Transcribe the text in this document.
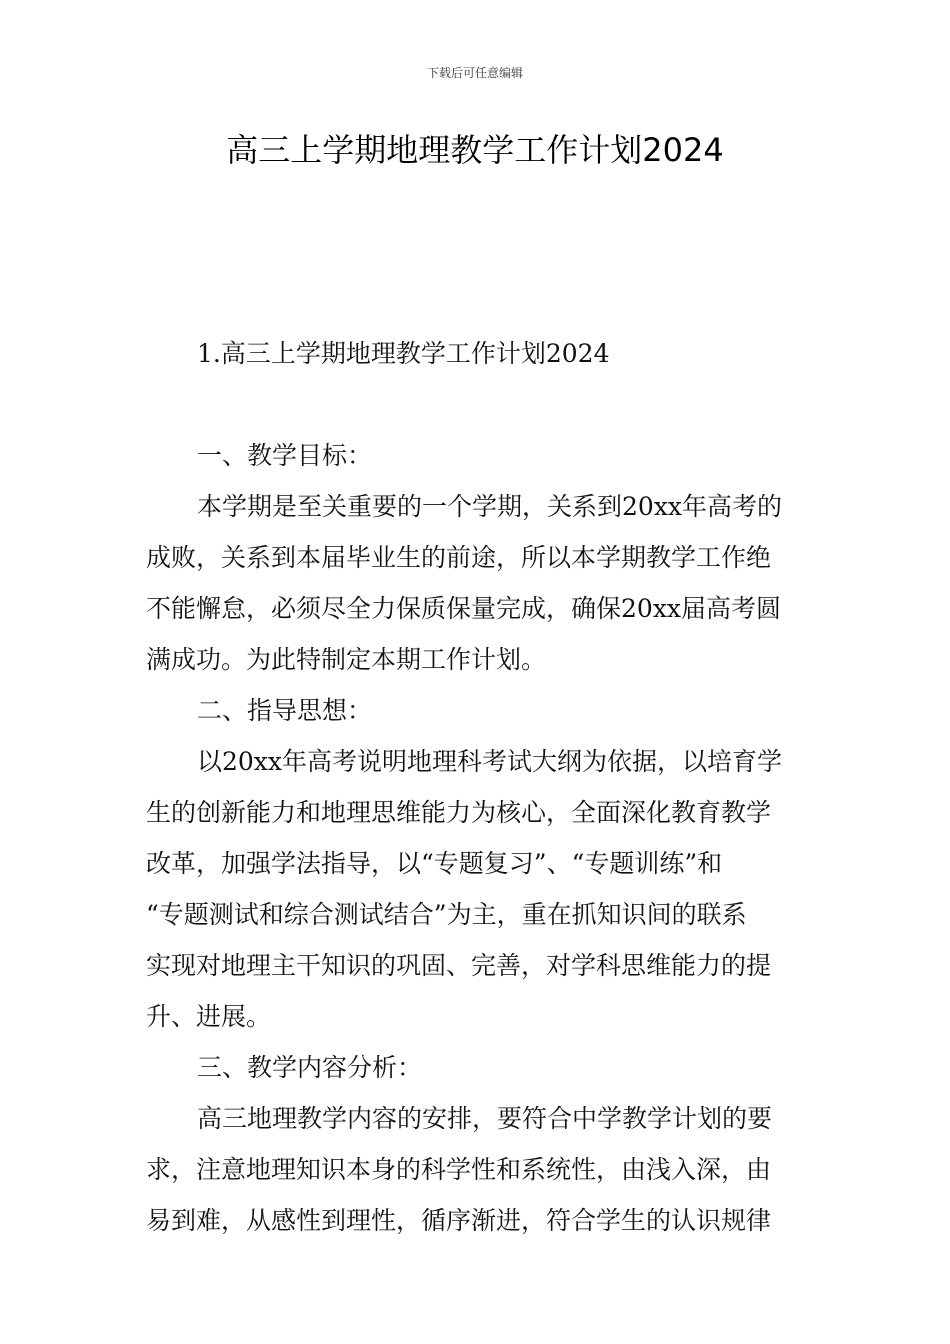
下载后可任意编辑
高三上学期地理教学工作计划2024
1.高三上学期地理教学工作计划2024
一、教学目标：
本学期是至关重要的一个学期，关系到20xx年高考的
成败，关系到本届毕业生的前途，所以本学期教学工作绝
不能懈怠，必须尽全力保质保量完成，确保20xx届高考圆
满成功。为此特制定本期工作计划。
二、指导思想：
以20xx年高考说明地理科考试大纲为依据，以培育学
生的创新能力和地理思维能力为核心，全面深化教育教学
改革，加强学法指导，以“专题复习”、“专题训练”和
“专题测试和综合测试结合”为主，重在抓知识间的联系
实现对地理主干知识的巩固、完善，对学科思维能力的提
升、进展。
三、教学内容分析：
高三地理教学内容的安排，要符合中学教学计划的要
求，注意地理知识本身的科学性和系统性，由浅入深，由
易到难，从感性到理性，循序渐进，符合学生的认识规律
